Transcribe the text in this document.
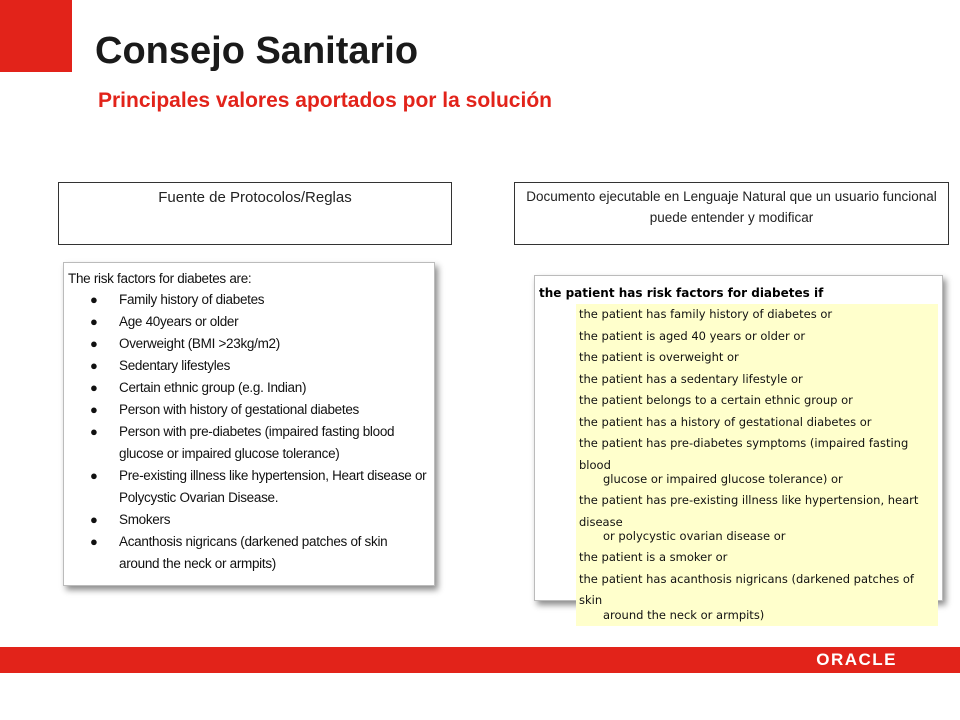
Consejo Sanitario
Principales valores aportados por la solución
Fuente de Protocolos/Reglas	Documento ejecutable en Lenguaje Natural que un usuario funcional puede entender y modificar

The risk factors for diabetes are:

● Family history of diabetes
● Age 40years or older
● Overweight (BMI >23kg/m2)
● Sedentary lifestyles
● Certain ethnic group (e.g. Indian)
● Person with history of gestational diabetes
● Person with pre-diabetes (impaired fasting blood glucose or impaired glucose tolerance)
● Pre-existing illness like hypertension, Heart disease or Polycystic Ovarian Disease.
● Smokers
● Acanthosis nigricans (darkened patches of skin around the neck or armpits)
the patient has risk factors for diabetes if
the patient has family history of diabetes or
the patient is aged 40 years or older or
the patient is overweight or
the patient has a sedentary lifestyle or
the patient belongs to a certain ethnic group or
the patient has a history of gestational diabetes or
the patient has pre-diabetes symptoms (impaired fasting blood
glucose or impaired glucose tolerance) or
the patient has pre-existing illness like hypertension, heart disease
or polycystic ovarian disease or
the patient is a smoker or
the patient has acanthosis nigricans (darkened patches of skin
around the neck or armpits)
ORACLE
